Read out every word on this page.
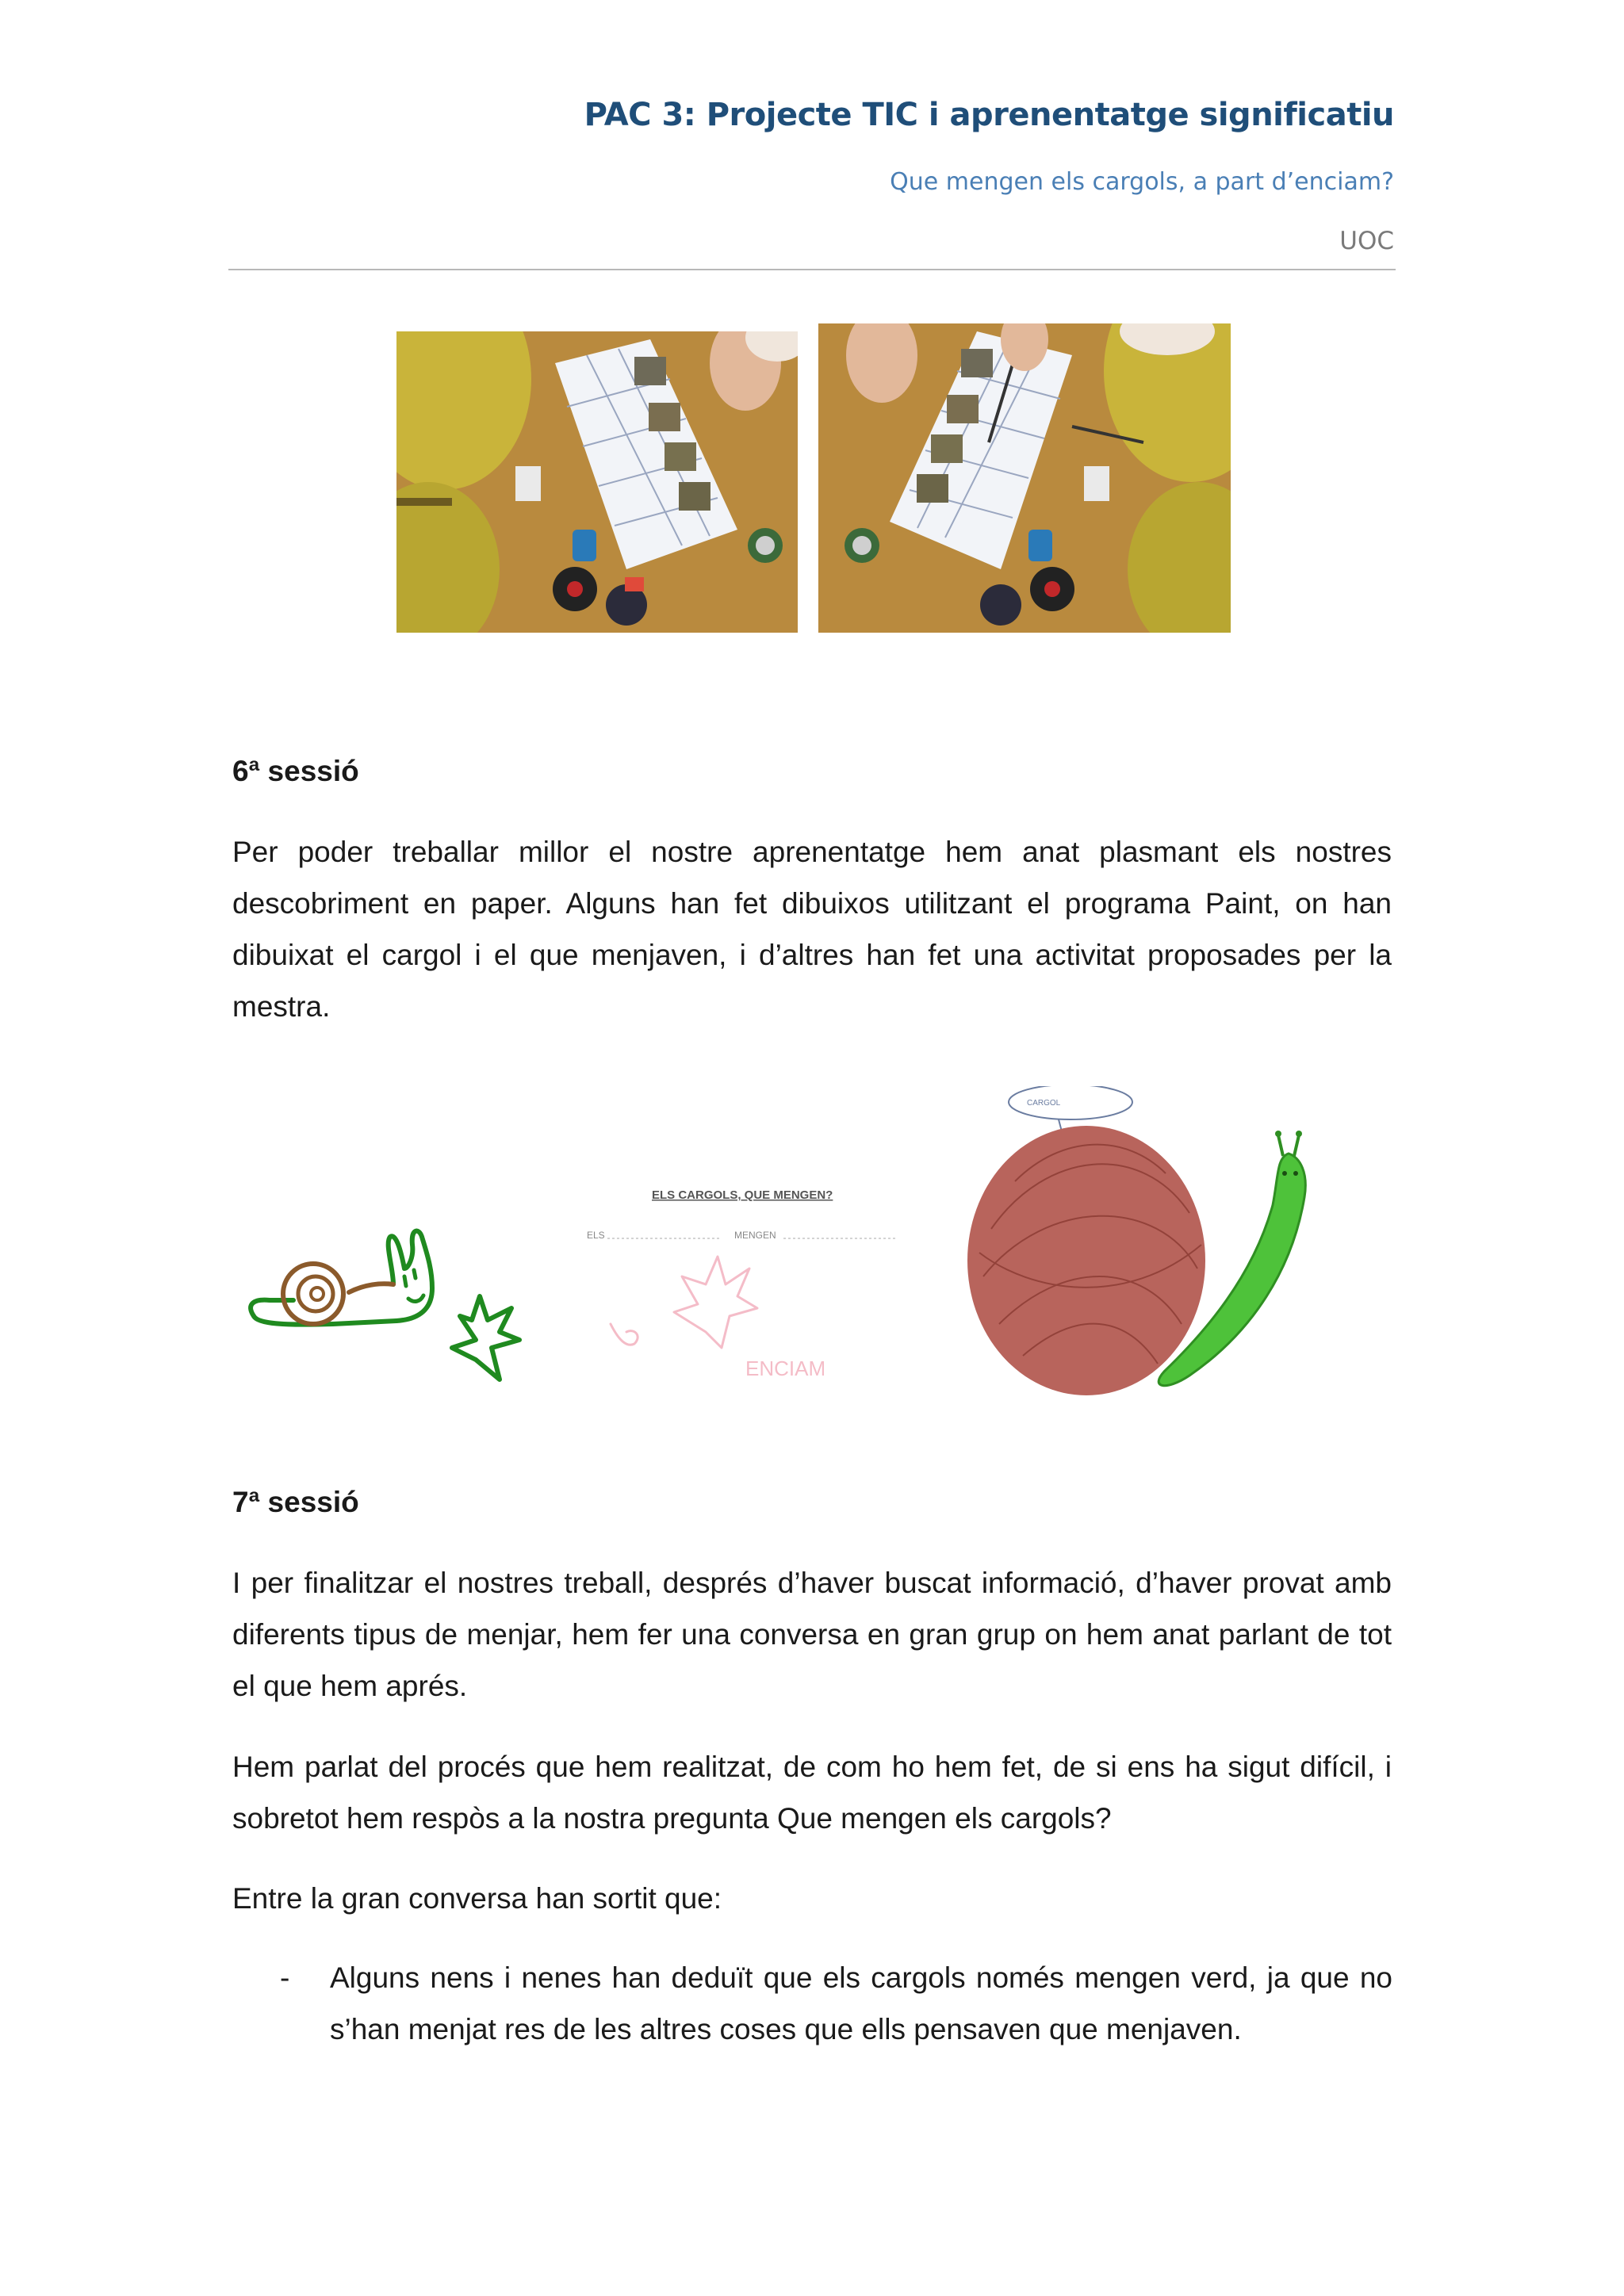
PAC 3: Projecte TIC i aprenentatge significatiu
Que mengen els cargols, a part d’enciam?
UOC
6ª sessió
Per poder treballar millor el nostre aprenentatge hem anat plasmant els nostres descobriment en paper. Alguns han fet dibuixos utilitzant el programa Paint, on han dibuixat el cargol i el que menjaven, i d’altres han fet una activitat proposades per la mestra.
ELS CARGOLS, QUE MENGEN?
ELS	MENGEN
ENCIAM
CARGOL
7ª sessió
I per finalitzar el nostres treball, després d’haver buscat informació, d’haver provat amb diferents tipus de menjar, hem fer una conversa en gran grup on hem anat parlant de tot el que hem aprés.
Hem parlat del procés que hem realitzat, de com ho hem fet, de si ens ha sigut difícil, i sobretot hem respòs a la nostra pregunta Que mengen els cargols?
Entre la gran conversa han sortit que:
- Alguns nens i nenes han deduït que els cargols només mengen verd, ja que no s’han menjat res de les altres coses que ells pensaven que menjaven.
